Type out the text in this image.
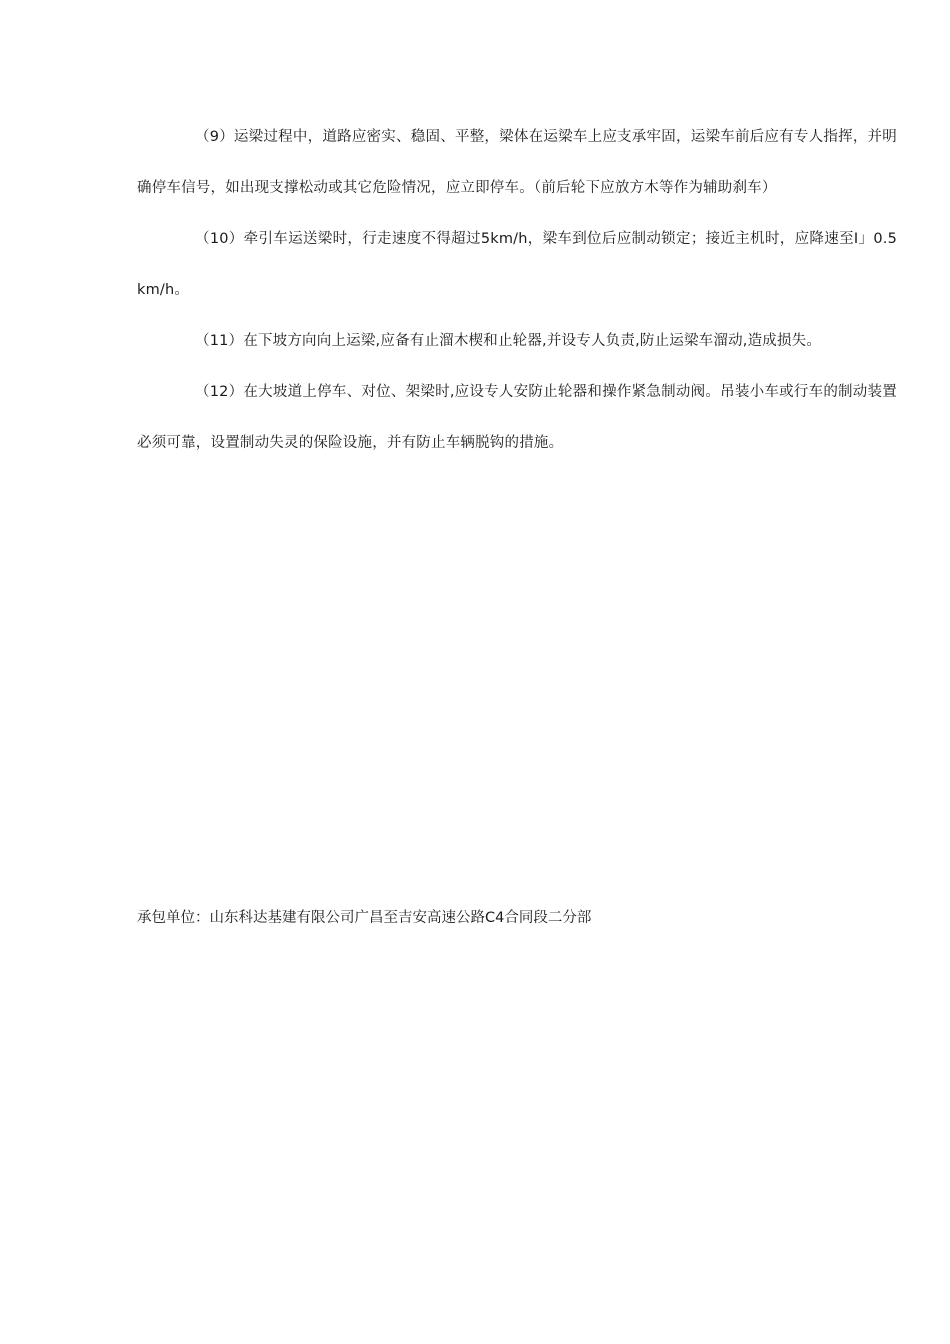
（9）运梁过程中，道路应密实、稳固、平整，梁体在运梁车上应支承牢固，运梁车前后应有专人指挥，并明确停车信号，如出现支撑松动或其它危险情况，应立即停车。（前后轮下应放方木等作为辅助刹车）

（10）牵引车运送梁时，行走速度不得超过5km/h，梁车到位后应制动锁定；接近主机时，应降速至Ⅰ」0.5km/h。

（11）在下坡方向向上运梁,应备有止溜木楔和止轮器,并设专人负责,防止运梁车溜动,造成损失。

（12）在大坡道上停车、对位、架梁时,应设专人安防止轮器和操作紧急制动阀。吊装小车或行车的制动装置必须可靠，设置制动失灵的保险设施，并有防止车辆脱钩的措施。

承包单位：山东科达基建有限公司广昌至吉安高速公路C4合同段二分部
